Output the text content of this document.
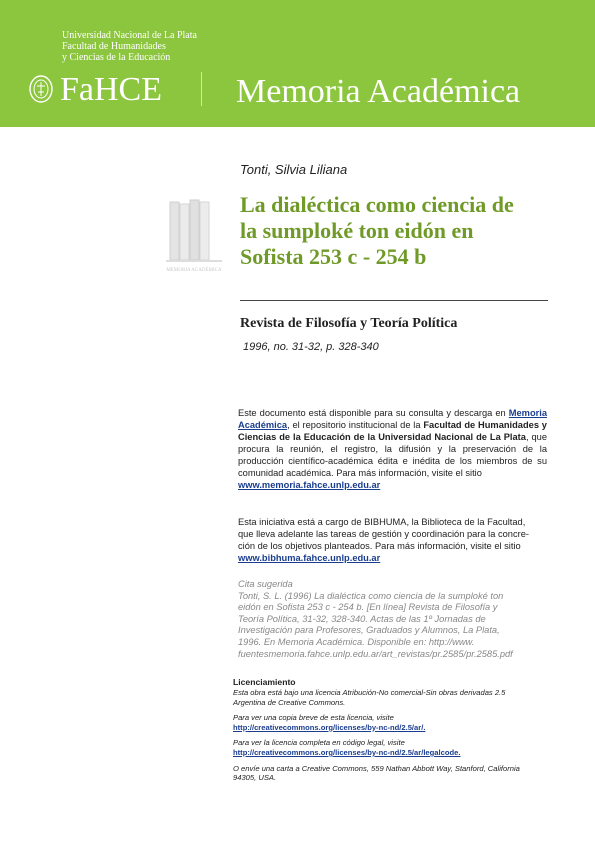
Universidad Nacional de La Plata
Facultad de Humanidades
y Ciencias de la Educación
FaHCE Memoria Académica
MEMORIA ACADÉMICA
Tonti, Silvia Liliana
La dialéctica como ciencia de
la sumploké ton eidón en
Sofista 253 c - 254 b
Revista de Filosofía y Teoría Política
1996, no. 31-32, p. 328-340
Este documento está disponible para su consulta y descarga en Memoria Académica, el repositorio institucional de la Facultad de Humanidades y Ciencias de la Educación de la Universidad Nacional de La Plata, que procura la reunión, el registro, la difusión y la preservación de la producción científico-académica édita e inédita de los miembros de su comunidad académica. Para más información, visite el sitio
www.memoria.fahce.unlp.edu.ar
Esta iniciativa está a cargo de BIBHUMA, la Biblioteca de la Facultad,
que lleva adelante las tareas de gestión y coordinación para la concre-
ción de los objetivos planteados. Para más información, visite el sitio
www.bibhuma.fahce.unlp.edu.ar
Cita sugerida
Tonti, S. L. (1996) La dialéctica como ciencia de la sumploké ton
eidón en Sofista 253 c - 254 b. [En línea] Revista de Filosofía y
Teoría Política, 31-32, 328-340. Actas de las 1º Jornadas de
Investigación para Profesores, Graduados y Alumnos, La Plata,
1996. En Memoria Académica. Disponible en: http://www.
fuentesmemoria.fahce.unlp.edu.ar/art_revistas/pr.2585/pr.2585.pdf
Licenciamiento
Esta obra está bajo una licencia Atribución-No comercial-Sin obras derivadas 2.5
Argentina de Creative Commons.
Para ver una copia breve de esta licencia, visite
http://creativecommons.org/licenses/by-nc-nd/2.5/ar/.
Para ver la licencia completa en código legal, visite
http://creativecommons.org/licenses/by-nc-nd/2.5/ar/legalcode.
O envíe una carta a Creative Commons, 559 Nathan Abbott Way, Stanford, California
94305, USA.
